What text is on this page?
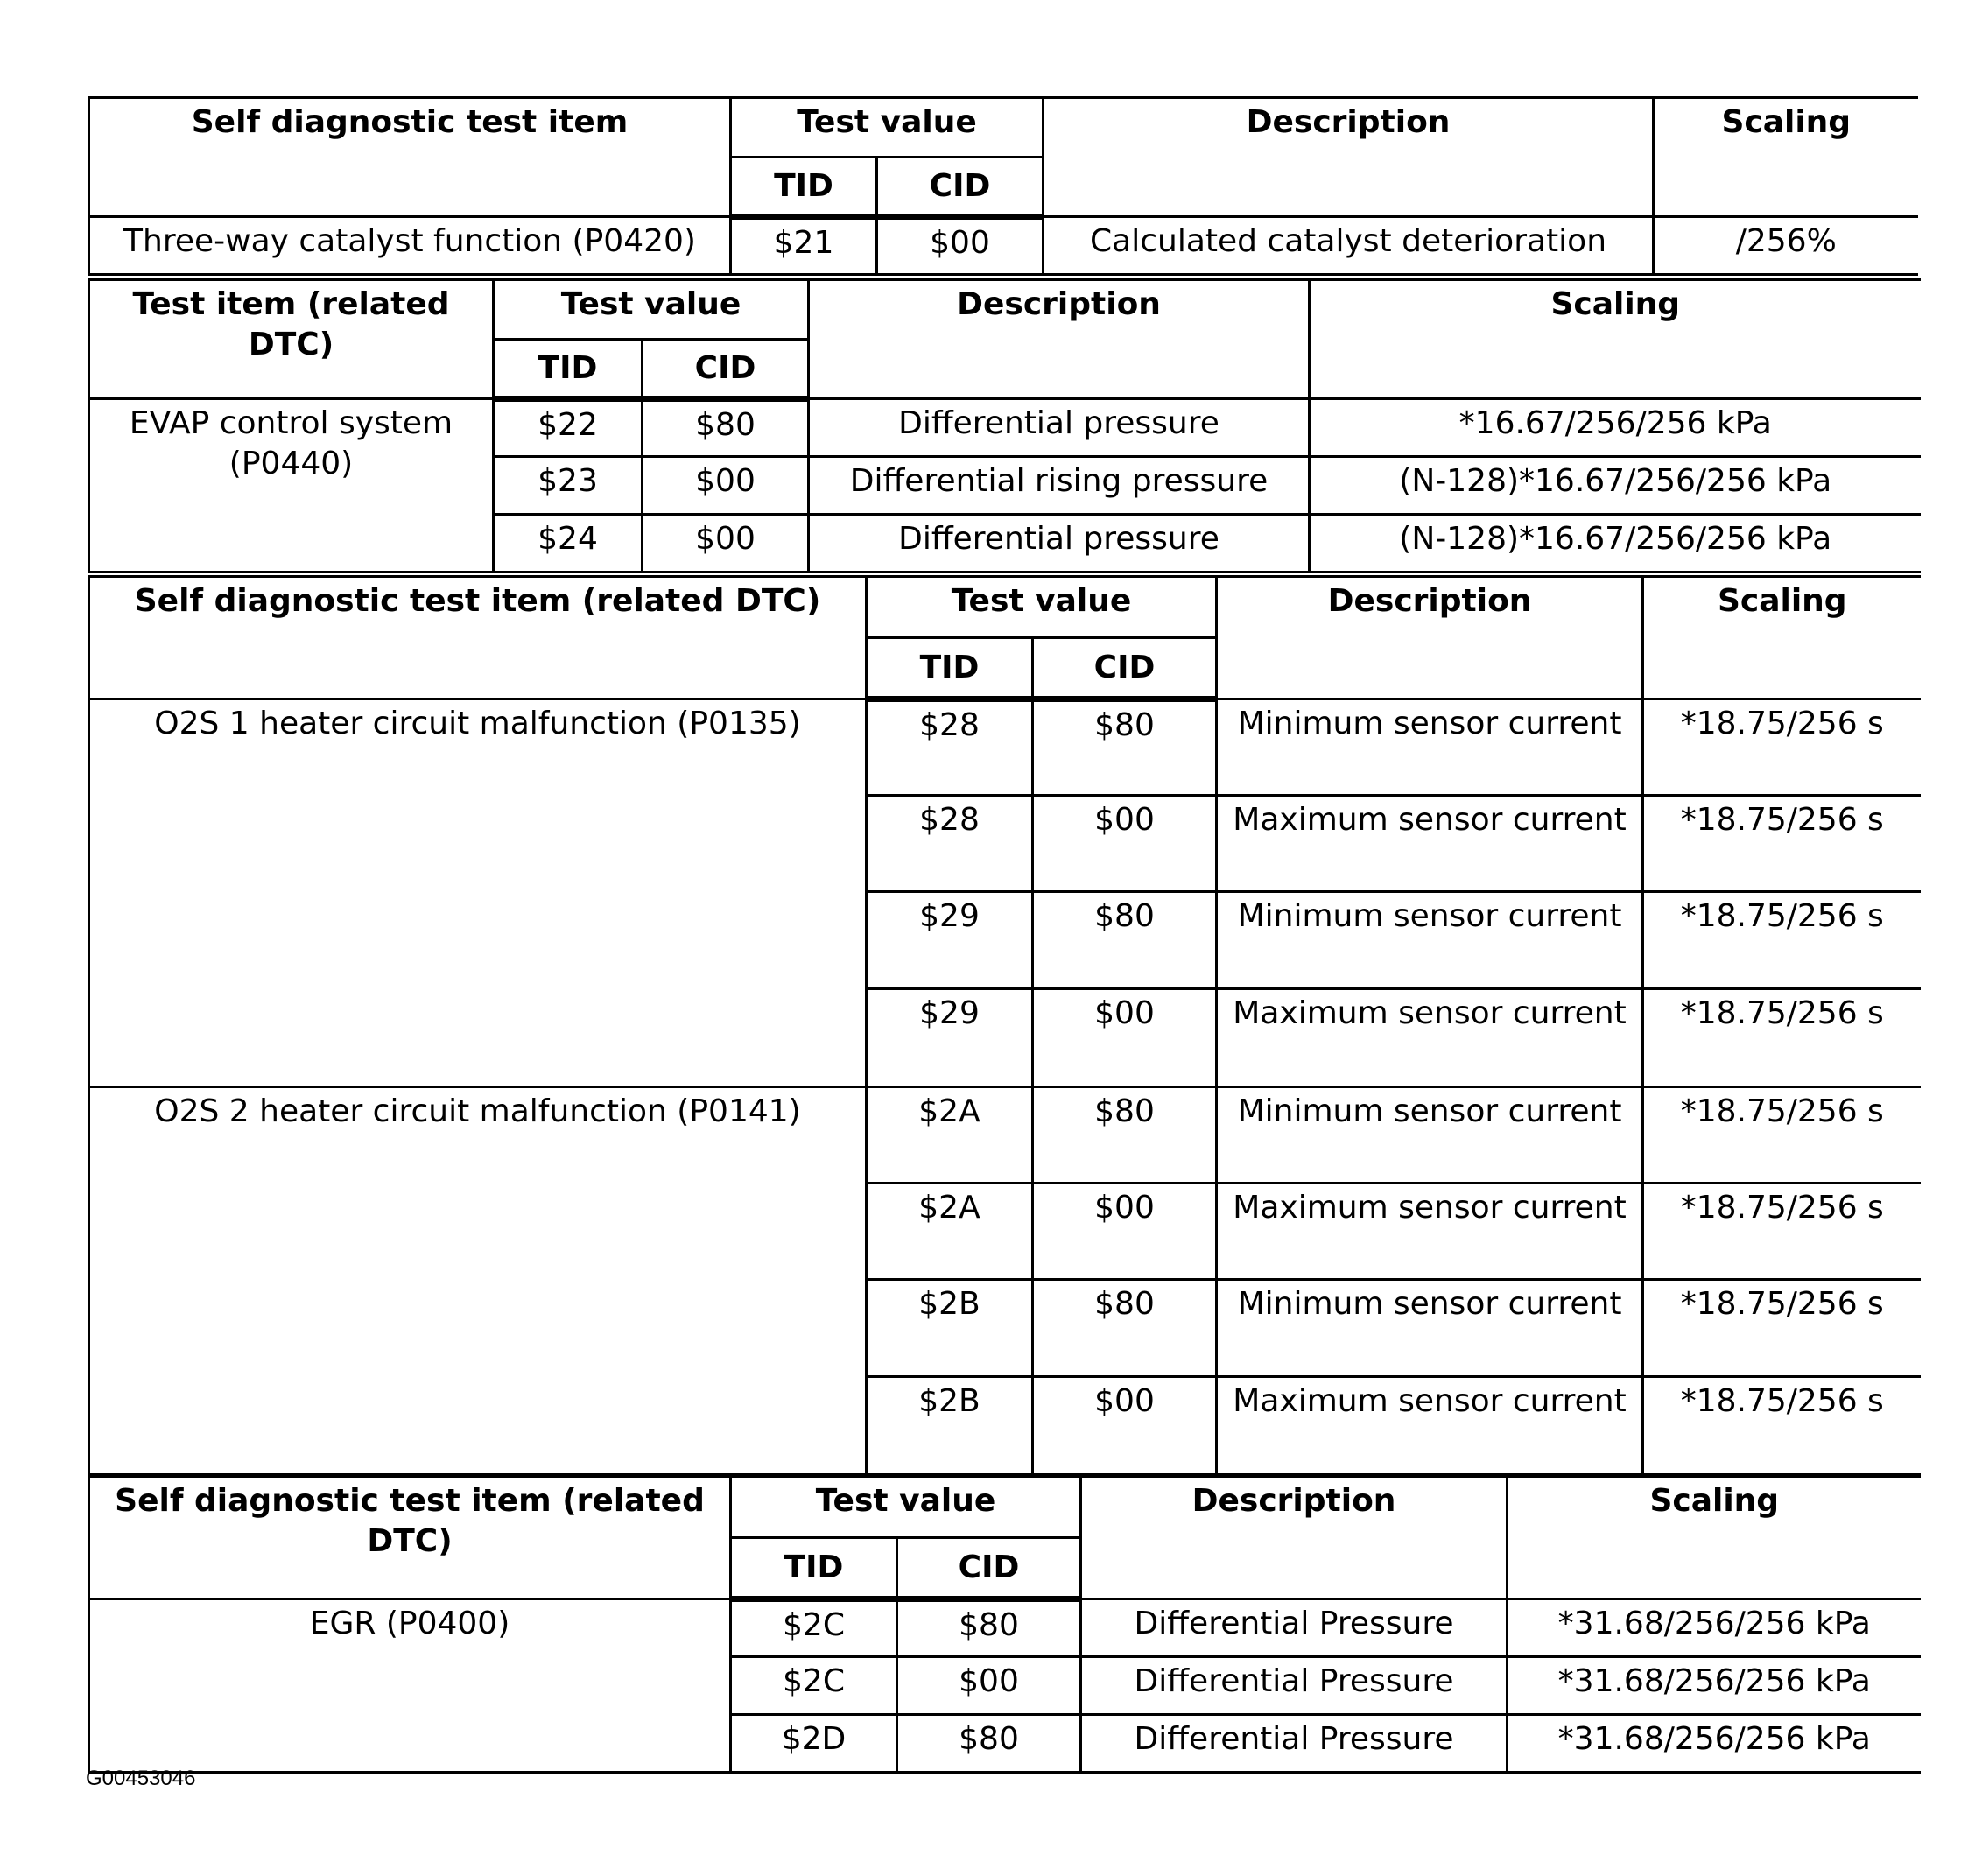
Self diagnostic test item	Test value		Description	Scaling
	TID	CID		
Three-way catalyst function (P0420)	$21	$00	Calculated catalyst deterioration	/256%
Test item (related DTC)	Test value		Description	Scaling
	TID	CID		
EVAP control system (P0440)	$22	$80	Differential pressure	*16.67/256/256 kPa
	$23	$00	Differential rising pressure	(N-128)*16.67/256/256 kPa
	$24	$00	Differential pressure	(N-128)*16.67/256/256 kPa
Self diagnostic test item (related DTC)	Test value		Description	Scaling
	TID	CID		
O2S 1 heater circuit malfunction (P0135)	$28	$80	Minimum sensor current	*18.75/256 s
	$28	$00	Maximum sensor current	*18.75/256 s
	$29	$80	Minimum sensor current	*18.75/256 s
	$29	$00	Maximum sensor current	*18.75/256 s
O2S 2 heater circuit malfunction (P0141)	$2A	$80	Minimum sensor current	*18.75/256 s
	$2A	$00	Maximum sensor current	*18.75/256 s
	$2B	$80	Minimum sensor current	*18.75/256 s
	$2B	$00	Maximum sensor current	*18.75/256 s
Self diagnostic test item (related DTC)	Test value		Description	Scaling
	TID	CID		
EGR (P0400)	$2C	$80	Differential Pressure	*31.68/256/256 kPa
	$2C	$00	Differential Pressure	*31.68/256/256 kPa
	$2D	$80	Differential Pressure	*31.68/256/256 kPa
G00453046
